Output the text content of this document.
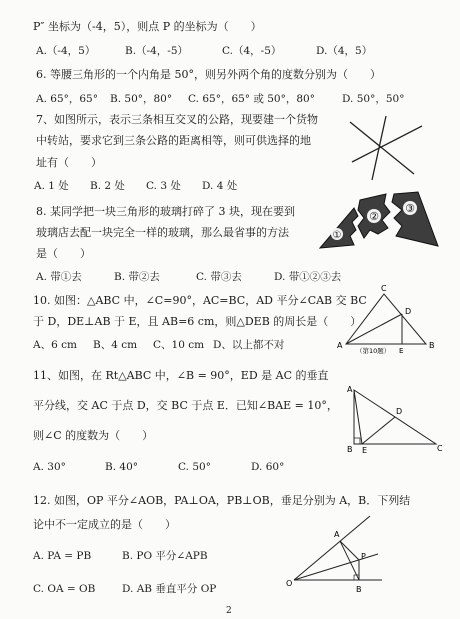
P″ 坐标为（-4，5），则点 P 的坐标为（　　）
A.（-4，5）	B.（-4，-5）	C.（4，-5）	D.（4，5）
6. 等腰三角形的一个内角是 50°，则另外两个角的度数分别为（　　）
A. 65°，65° B. 50°，80° C. 65°，65° 或 50°，80°	D. 50°，50°
7、如图所示，表示三条相互交叉的公路，现要建一个货物
中转站，要求它到三条公路的距离相等，则可供选择的地
址有（　　）
A. 1 处 B. 2 处 C. 3 处 D. 4 处
8. 某同学把一块三角形的玻璃打碎了 3 块，现在要到
玻璃店去配一块完全一样的玻璃，那么最省事的方法
是（　　）
A. 带①去	B. 带②去	C. 带③去	D. 带①②③去
①
②
③
10. 如图：△ABC 中，∠C=90°，AC=BC，AD 平分∠CAB 交 BC
于 D，DE⊥AB 于 E，且 AB=6 cm，则△DEB 的周长是（　　）
A、6 cm B、4 cm C、10 cm D、以上都不对
C
D
A
E
B
（第10题）
11、如图，在 Rt△ABC 中，∠B = 90°，ED 是 AC 的垂直
平分线，交 AC 于点 D，交 BC 于点 E．已知∠BAE = 10°，
则∠C 的度数为（　　）
A. 30°	B. 40°	C. 50°	D. 60°
A
D
B E	C
12. 如图，OP 平分∠AOB，PA⊥OA，PB⊥OB，垂足分别为 A，B．下列结
论中不一定成立的是（　　）
A. PA = PB	B. PO 平分∠APB
C. OA = OB	D. AB 垂直平分 OP
A
P
O
B
2
